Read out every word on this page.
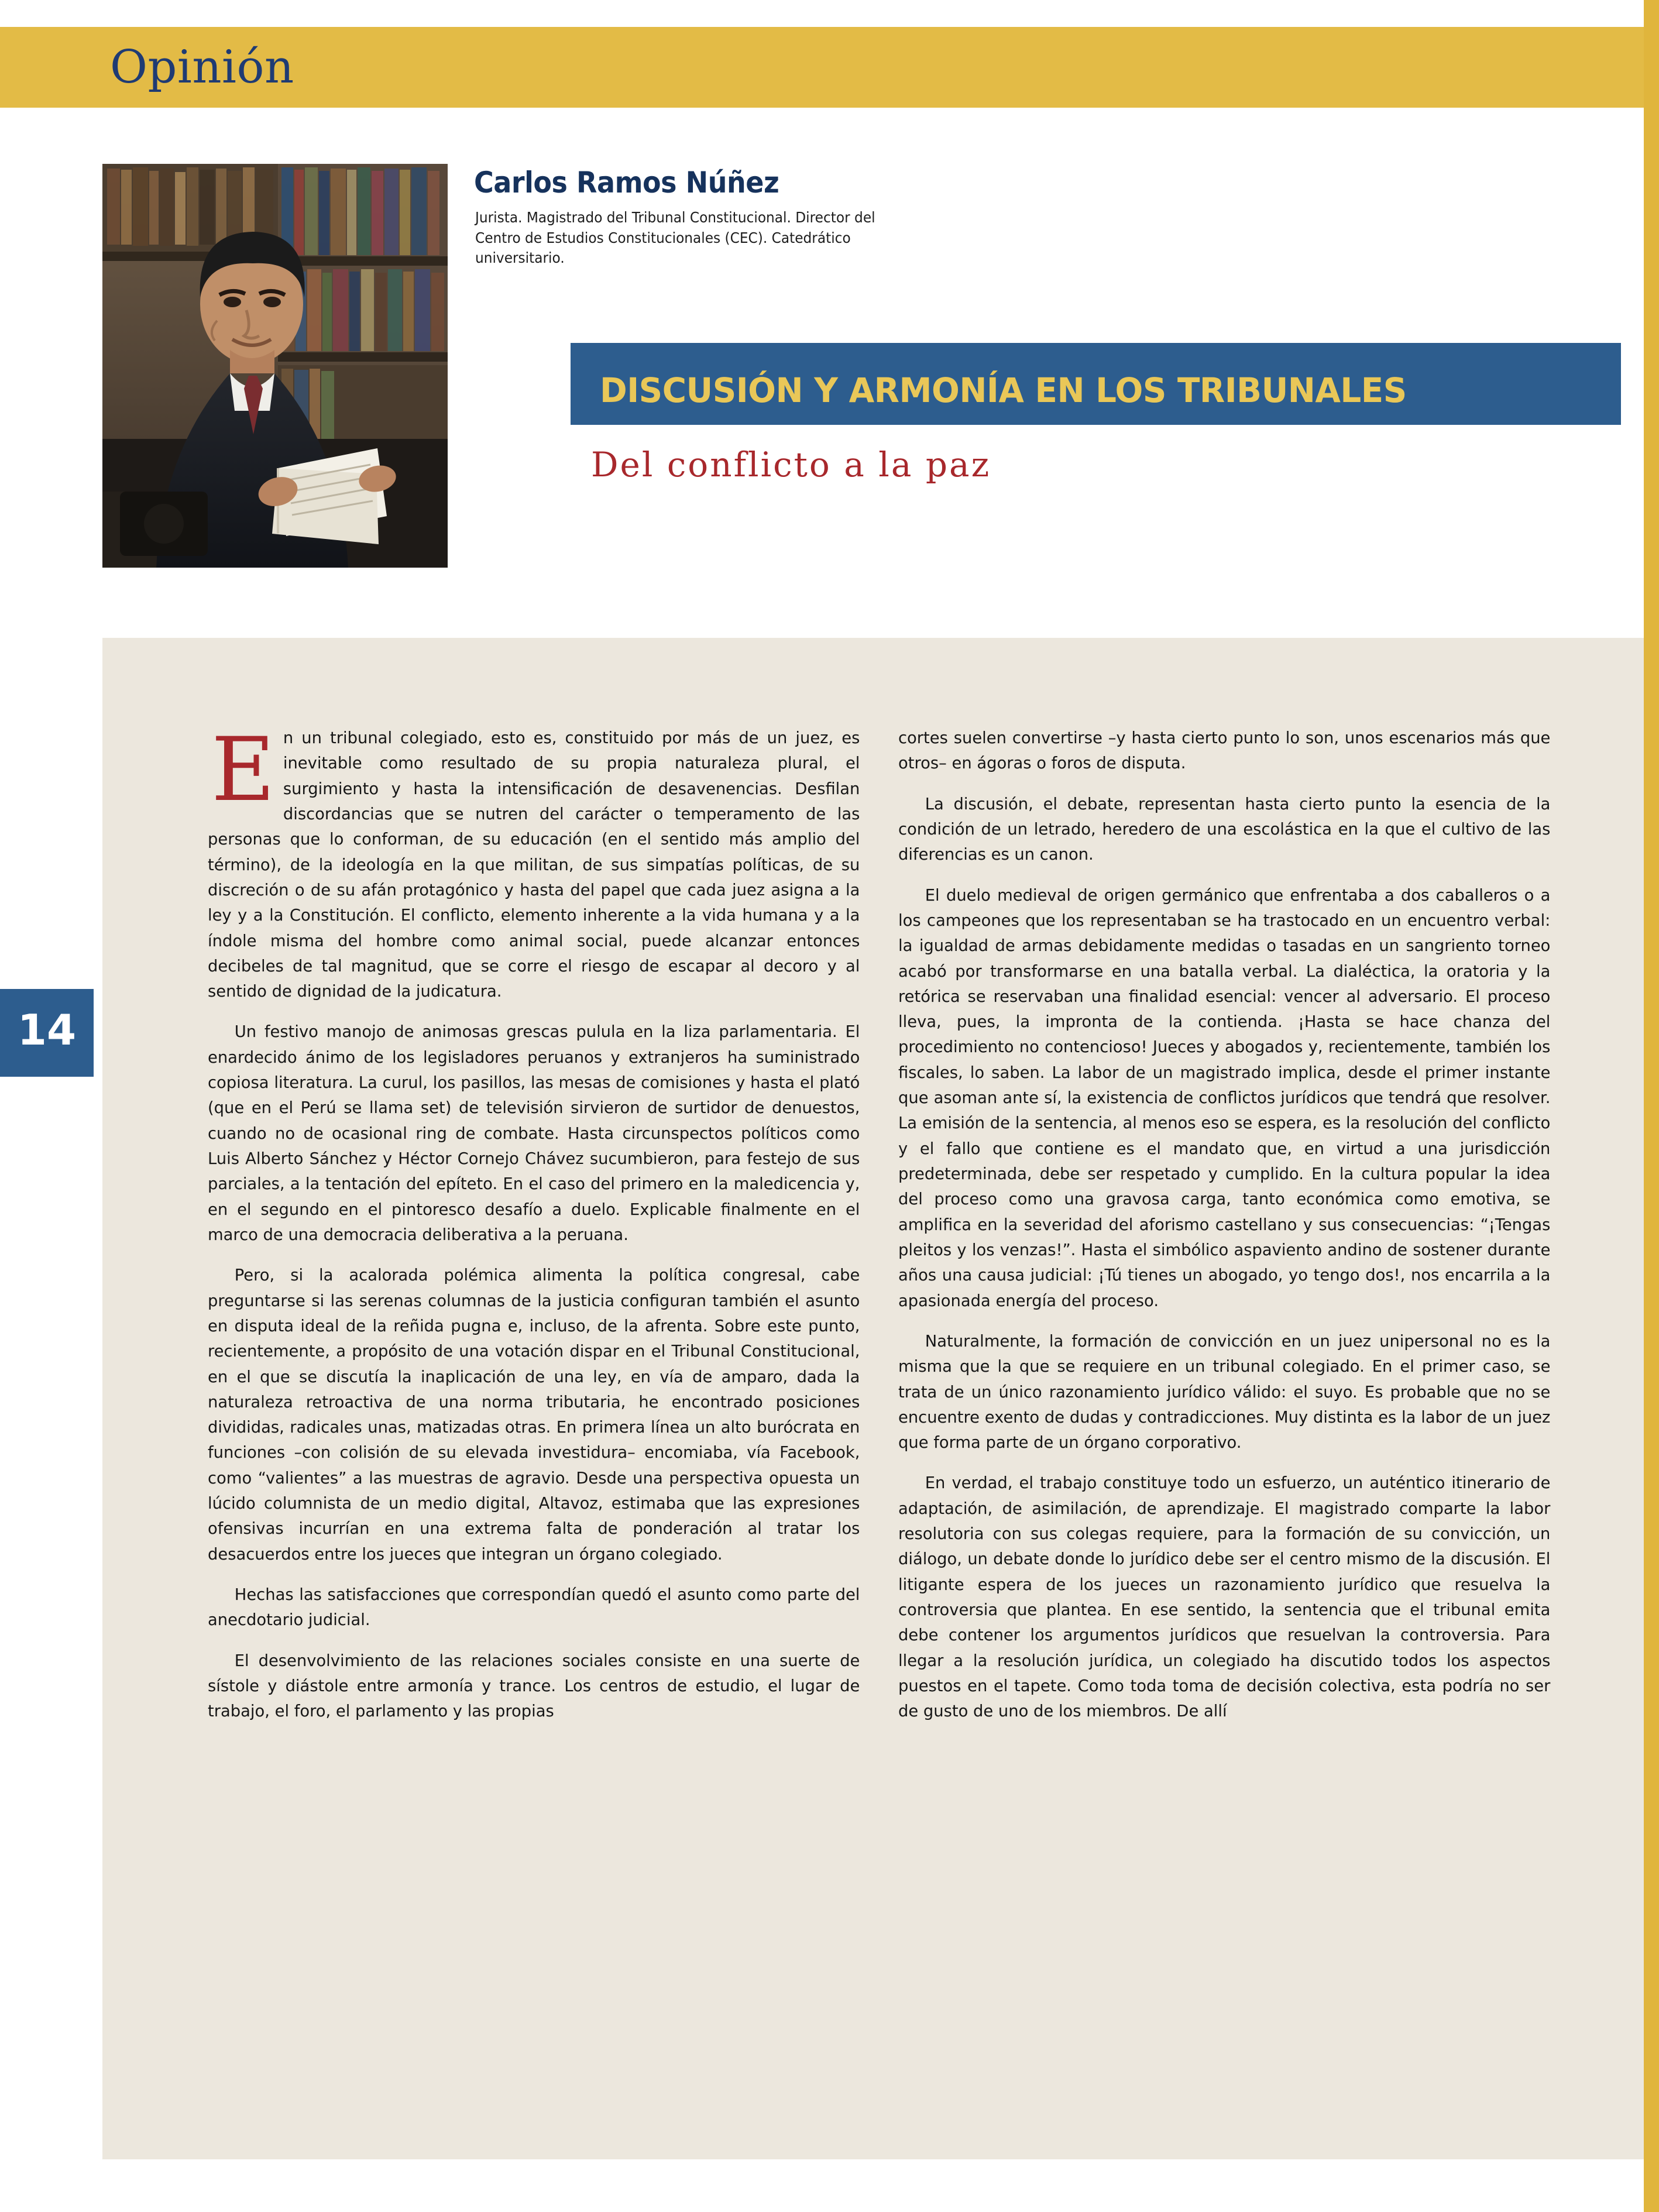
Opinión
Carlos Ramos Núñez
Jurista. Magistrado del Tribunal Constitucional. Director del Centro de Estudios Constitucionales (CEC). Catedrático universitario.
DISCUSIÓN Y ARMONÍA EN LOS TRIBUNALES
Del conflicto a la paz
14

En un tribunal colegiado, esto es, constituido por más de un juez, es inevitable como resultado de su propia naturaleza plural, el surgimiento y hasta la intensificación de desavenencias. Desfilan discordancias que se nutren del carácter o temperamento de las personas que lo conforman, de su educación (en el sentido más amplio del término), de la ideología en la que militan, de sus simpatías políticas, de su discreción o de su afán protagónico y hasta del papel que cada juez asigna a la ley y a la Constitución. El conflicto, elemento inherente a la vida humana y a la índole misma del hombre como animal social, puede alcanzar entonces decibeles de tal magnitud, que se corre el riesgo de escapar al decoro y al sentido de dignidad de la judicatura.

Un festivo manojo de animosas grescas pulula en la liza parlamentaria. El enardecido ánimo de los legisladores peruanos y extranjeros ha suministrado copiosa literatura. La curul, los pasillos, las mesas de comisiones y hasta el plató (que en el Perú se llama set) de televisión sirvieron de surtidor de denuestos, cuando no de ocasional ring de combate. Hasta circunspectos políticos como Luis Alberto Sánchez y Héctor Cornejo Chávez sucumbieron, para festejo de sus parciales, a la tentación del epíteto. En el caso del primero en la maledicencia y, en el segundo en el pintoresco desafío a duelo. Explicable finalmente en el marco de una democracia deliberativa a la peruana.

Pero, si la acalorada polémica alimenta la política congresal, cabe preguntarse si las serenas columnas de la justicia configuran también el asunto en disputa ideal de la reñida pugna e, incluso, de la afrenta. Sobre este punto, recientemente, a propósito de una votación dispar en el Tribunal Constitucional, en el que se discutía la inaplicación de una ley, en vía de amparo, dada la naturaleza retroactiva de una norma tributaria, he encontrado posiciones divididas, radicales unas, matizadas otras. En primera línea un alto burócrata en funciones –con colisión de su elevada investidura– encomiaba, vía Facebook, como “valientes” a las muestras de agravio. Desde una perspectiva opuesta un lúcido columnista de un medio digital, Altavoz, estimaba que las expresiones ofensivas incurrían en una extrema falta de ponderación al tratar los desacuerdos entre los jueces que integran un órgano colegiado.

Hechas las satisfacciones que correspondían quedó el asunto como parte del anecdotario judicial.

El desenvolvimiento de las relaciones sociales consiste en una suerte de sístole y diástole entre armonía y trance. Los centros de estudio, el lugar de trabajo, el foro, el parlamento y las propias

cortes suelen convertirse –y hasta cierto punto lo son, unos escenarios más que otros– en ágoras o foros de disputa.

La discusión, el debate, representan hasta cierto punto la esencia de la condición de un letrado, heredero de una escolástica en la que el cultivo de las diferencias es un canon.

El duelo medieval de origen germánico que enfrentaba a dos caballeros o a los campeones que los representaban se ha trastocado en un encuentro verbal: la igualdad de armas debidamente medidas o tasadas en un sangriento torneo acabó por transformarse en una batalla verbal. La dialéctica, la oratoria y la retórica se reservaban una finalidad esencial: vencer al adversario. El proceso lleva, pues, la impronta de la contienda. ¡Hasta se hace chanza del procedimiento no contencioso! Jueces y abogados y, recientemente, también los fiscales, lo saben. La labor de un magistrado implica, desde el primer instante que asoman ante sí, la existencia de conflictos jurídicos que tendrá que resolver. La emisión de la sentencia, al menos eso se espera, es la resolución del conflicto y el fallo que contiene es el mandato que, en virtud a una jurisdicción predeterminada, debe ser respetado y cumplido. En la cultura popular la idea del proceso como una gravosa carga, tanto económica como emotiva, se amplifica en la severidad del aforismo castellano y sus consecuencias: “¡Tengas pleitos y los venzas!”. Hasta el simbólico aspaviento andino de sostener durante años una causa judicial: ¡Tú tienes un abogado, yo tengo dos!, nos encarrila a la apasionada energía del proceso.

Naturalmente, la formación de convicción en un juez unipersonal no es la misma que la que se requiere en un tribunal colegiado. En el primer caso, se trata de un único razonamiento jurídico válido: el suyo. Es probable que no se encuentre exento de dudas y contradicciones. Muy distinta es la labor de un juez que forma parte de un órgano corporativo.

En verdad, el trabajo constituye todo un esfuerzo, un auténtico itinerario de adaptación, de asimilación, de aprendizaje. El magistrado comparte la labor resolutoria con sus colegas requiere, para la formación de su convicción, un diálogo, un debate donde lo jurídico debe ser el centro mismo de la discusión. El litigante espera de los jueces un razonamiento jurídico que resuelva la controversia que plantea. En ese sentido, la sentencia que el tribunal emita debe contener los argumentos jurídicos que resuelvan la controversia. Para llegar a la resolución jurídica, un colegiado ha discutido todos los aspectos puestos en el tapete. Como toda toma de decisión colectiva, esta podría no ser de gusto de uno de los miembros. De allí
